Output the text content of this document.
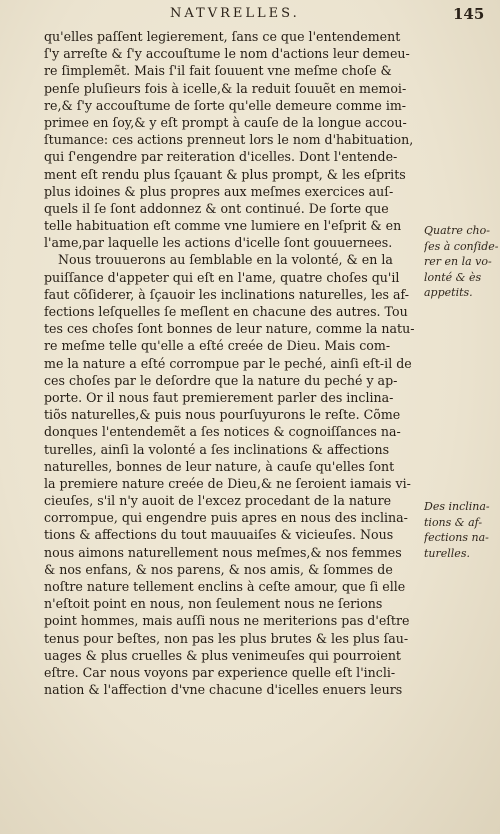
NATVRELLES.	145
qu'elles paſſent legierement, ſans ce que l'entendement
ſ'y arreſte & ſ'y accouſtume le nom d'actions leur demeu-
re ſimplemẽt. Mais ſ'il fait ſouuent vne meſme choſe &
penſe pluſieurs fois à icelle,& la reduit ſouuẽt en memoi-
re,& ſ'y accouſtume de ſorte qu'elle demeure comme im-
primee en ſoy,& y eſt prompt à cauſe de la longue accou-
ſtumance: ces actions prenneut lors le nom d'habituation,
qui ſ'engendre par reiteration d'icelles. Dont l'entende-
ment eſt rendu plus ſçauant & plus prompt, & les eſprits
plus idoines & plus propres aux meſmes exercices auſ-
quels il ſe ſont addonnez & ont continué. De ſorte que
telle habituation eſt comme vne lumiere en l'eſprit & en
l'ame,par laquelle les actions d'icelle ſont gouuernees.
Nous trouuerons au ſemblable en la volonté, & en la
puiſſance d'appeter qui eſt en l'ame, quatre choſes qu'il
faut cõſiderer, à ſçauoir les inclinations naturelles, les af-
fections leſquelles ſe meſlent en chacune des autres. Tou
tes ces choſes ſont bonnes de leur nature, comme la natu-
re meſme telle qu'elle a eſté creée de Dieu. Mais com-
me la nature a eſté corrompue par le peché, ainſi eſt-il de
ces choſes par le deſordre que la nature du peché y ap-
porte. Or il nous faut premierement parler des inclina-
tiõs naturelles,& puis nous pourſuyurons le reſte. Cõme
donques l'entendemẽt a ſes notices & cognoiſſances na-
turelles, ainſi la volonté a ſes inclinations & affections
naturelles, bonnes de leur nature, à cauſe qu'elles ſont
la premiere nature creée de Dieu,& ne ſeroient iamais vi-
cieuſes, s'il n'y auoit de l'excez procedant de la nature
corrompue, qui engendre puis apres en nous des inclina-
tions & affections du tout mauuaiſes & vicieuſes. Nous
nous aimons naturellement nous meſmes,& nos femmes
& nos enfans, & nos parens, & nos amis, & ſommes de
noſtre nature tellement enclins à ceſte amour, que ſi elle
n'eſtoit point en nous, non ſeulement nous ne ſerions
point hommes, mais auſſi nous ne meriterions pas d'eſtre
tenus pour beſtes, non pas les plus brutes & les plus ſau-
uages & plus cruelles & plus venimeuſes qui pourroient
eſtre. Car nous voyons par experience quelle eſt l'incli-
nation & l'affection d'vne chacune d'icelles enuers leurs
Quatre cho-
ſes à conſide-
rer en la vo-
lonté & ès
appetits.
Des inclina-
tions & af-
fections na-
turelles.
